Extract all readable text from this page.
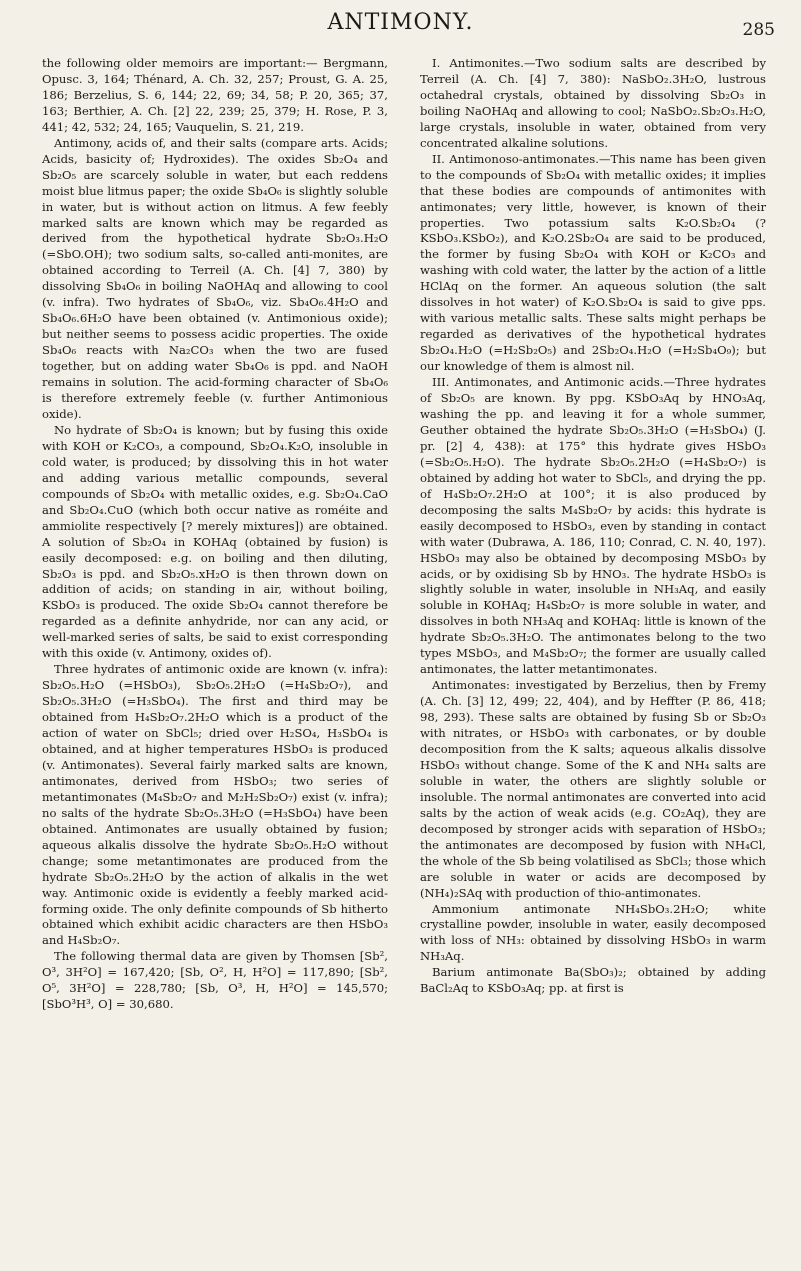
ANTIMONY.	285

the following older memoirs are important:— Bergmann, Opusc. 3, 164; Thénard, A. Ch. 32, 257; Proust, G. A. 25, 186; Berzelius, S. 6, 144; 22, 69; 34, 58; P. 20, 365; 37, 163; Berthier, A. Ch. [2] 22, 239; 25, 379; H. Rose, P. 3, 441; 42, 532; 24, 165; Vauquelin, S. 21, 219.

Antimony, acids of, and their salts (compare arts. Acids; Acids, basicity of; Hydroxides). The oxides Sb₂O₄ and Sb₂O₅ are scarcely soluble in water, but each reddens moist blue litmus paper; the oxide Sb₄O₆ is slightly soluble in water, but is without action on litmus. A few feebly marked salts are known which may be regarded as derived from the hypothetical hydrate Sb₂O₃.H₂O (=SbO.OH); two sodium salts, so-called anti-monites, are obtained according to Terreil (A. Ch. [4] 7, 380) by dissolving Sb₄O₆ in boiling NaOHAq and allowing to cool (v. infra). Two hydrates of Sb₄O₆, viz. Sb₄O₆.4H₂O and Sb₄O₆.6H₂O have been obtained (v. Antimonious oxide); but neither seems to possess acidic properties. The oxide Sb₄O₆ reacts with Na₂CO₃ when the two are fused together, but on adding water Sb₄O₆ is ppd. and NaOH remains in solution. The acid-forming character of Sb₄O₆ is therefore extremely feeble (v. further Antimonious oxide).

No hydrate of Sb₂O₄ is known; but by fusing this oxide with KOH or K₂CO₃, a compound, Sb₂O₄.K₂O, insoluble in cold water, is produced; by dissolving this in hot water and adding various metallic compounds, several compounds of Sb₂O₄ with metallic oxides, e.g. Sb₂O₄.CaO and Sb₂O₄.CuO (which both occur native as roméite and ammiolite respectively [? merely mixtures]) are obtained. A solution of Sb₂O₄ in KOHAq (obtained by fusion) is easily decomposed: e.g. on boiling and then diluting, Sb₂O₃ is ppd. and Sb₂O₅.xH₂O is then thrown down on addition of acids; on standing in air, without boiling, KSbO₃ is produced. The oxide Sb₂O₄ cannot therefore be regarded as a definite anhydride, nor can any acid, or well-marked series of salts, be said to exist corresponding with this oxide (v. Antimony, oxides of).

Three hydrates of antimonic oxide are known (v. infra): Sb₂O₅.H₂O (=HSbO₃), Sb₂O₅.2H₂O (=H₄Sb₂O₇), and Sb₂O₅.3H₂O (=H₃SbO₄). The first and third may be obtained from H₄Sb₂O₇.2H₂O which is a product of the action of water on SbCl₅; dried over H₂SO₄, H₃SbO₄ is obtained, and at higher temperatures HSbO₃ is produced (v. Antimonates). Several fairly marked salts are known, antimonates, derived from HSbO₃; two series of metantimonates (M₄Sb₂O₇ and M₂H₂Sb₂O₇) exist (v. infra); no salts of the hydrate Sb₂O₅.3H₂O (=H₃SbO₄) have been obtained. Antimonates are usually obtained by fusion; aqueous alkalis dissolve the hydrate Sb₂O₅.H₂O without change; some metantimonates are produced from the hydrate Sb₂O₅.2H₂O by the action of alkalis in the wet way. Antimonic oxide is evidently a feebly marked acid-forming oxide. The only definite compounds of Sb hitherto obtained which exhibit acidic characters are then HSbO₃ and H₄Sb₂O₇.

The following thermal data are given by Thomsen [Sb², O³, 3H²O] = 167,420; [Sb, O², H, H²O] = 117,890; [Sb², O⁵, 3H²O] = 228,780; [Sb, O³, H, H²O] = 145,570; [SbO³H³, O] = 30,680.

I. Antimonites.—Two sodium salts are described by Terreil (A. Ch. [4] 7, 380): NaSbO₂.3H₂O, lustrous octahedral crystals, obtained by dissolving Sb₂O₃ in boiling NaOHAq and allowing to cool; NaSbO₂.Sb₂O₃.H₂O, large crystals, insoluble in water, obtained from very concentrated alkaline solutions.

II. Antimonoso-antimonates.—This name has been given to the compounds of Sb₂O₄ with metallic oxides; it implies that these bodies are compounds of antimonites with antimonates; very little, however, is known of their properties. Two potassium salts K₂O.Sb₂O₄ (?KSbO₃.KSbO₂), and K₂O.2Sb₂O₄ are said to be produced, the former by fusing Sb₂O₄ with KOH or K₂CO₃ and washing with cold water, the latter by the action of a little HClAq on the former. An aqueous solution (the salt dissolves in hot water) of K₂O.Sb₂O₄ is said to give pps. with various metallic salts. These salts might perhaps be regarded as derivatives of the hypothetical hydrates Sb₂O₄.H₂O (=H₂Sb₂O₅) and 2Sb₂O₄.H₂O (=H₂Sb₄O₉); but our knowledge of them is almost nil.

III. Antimonates, and Antimonic acids.—Three hydrates of Sb₂O₅ are known. By ppg. KSbO₃Aq by HNO₃Aq, washing the pp. and leaving it for a whole summer, Geuther obtained the hydrate Sb₂O₅.3H₂O (=H₃SbO₄) (J. pr. [2] 4, 438): at 175° this hydrate gives HSbO₃ (=Sb₂O₅.H₂O). The hydrate Sb₂O₅.2H₂O (=H₄Sb₂O₇) is obtained by adding hot water to SbCl₅, and drying the pp. of H₄Sb₂O₇.2H₂O at 100°; it is also produced by decomposing the salts M₄Sb₂O₇ by acids: this hydrate is easily decomposed to HSbO₃, even by standing in contact with water (Dubrawa, A. 186, 110; Conrad, C. N. 40, 197). HSbO₃ may also be obtained by decomposing MSbO₃ by acids, or by oxidising Sb by HNO₃. The hydrate HSbO₃ is slightly soluble in water, insoluble in NH₃Aq, and easily soluble in KOHAq; H₄Sb₂O₇ is more soluble in water, and dissolves in both NH₃Aq and KOHAq: little is known of the hydrate Sb₂O₅.3H₂O. The antimonates belong to the two types MSbO₃, and M₄Sb₂O₇; the former are usually called antimonates, the latter metantimonates.

Antimonates: investigated by Berzelius, then by Fremy (A. Ch. [3] 12, 499; 22, 404), and by Heffter (P. 86, 418; 98, 293). These salts are obtained by fusing Sb or Sb₂O₃ with nitrates, or HSbO₃ with carbonates, or by double decomposition from the K salts; aqueous alkalis dissolve HSbO₃ without change. Some of the K and NH₄ salts are soluble in water, the others are slightly soluble or insoluble. The normal antimonates are converted into acid salts by the action of weak acids (e.g. CO₂Aq), they are decomposed by stronger acids with separation of HSbO₃; the antimonates are decomposed by fusion with NH₄Cl, the whole of the Sb being volatilised as SbCl₃; those which are soluble in water or acids are decomposed by (NH₄)₂SAq with production of thio-antimonates.

Ammonium antimonate NH₄SbO₃.2H₂O; white crystalline powder, insoluble in water, easily decomposed with loss of NH₃: obtained by dissolving HSbO₃ in warm NH₃Aq.

Barium antimonate Ba(SbO₃)₂; obtained by adding BaCl₂Aq to KSbO₃Aq; pp. at first is
